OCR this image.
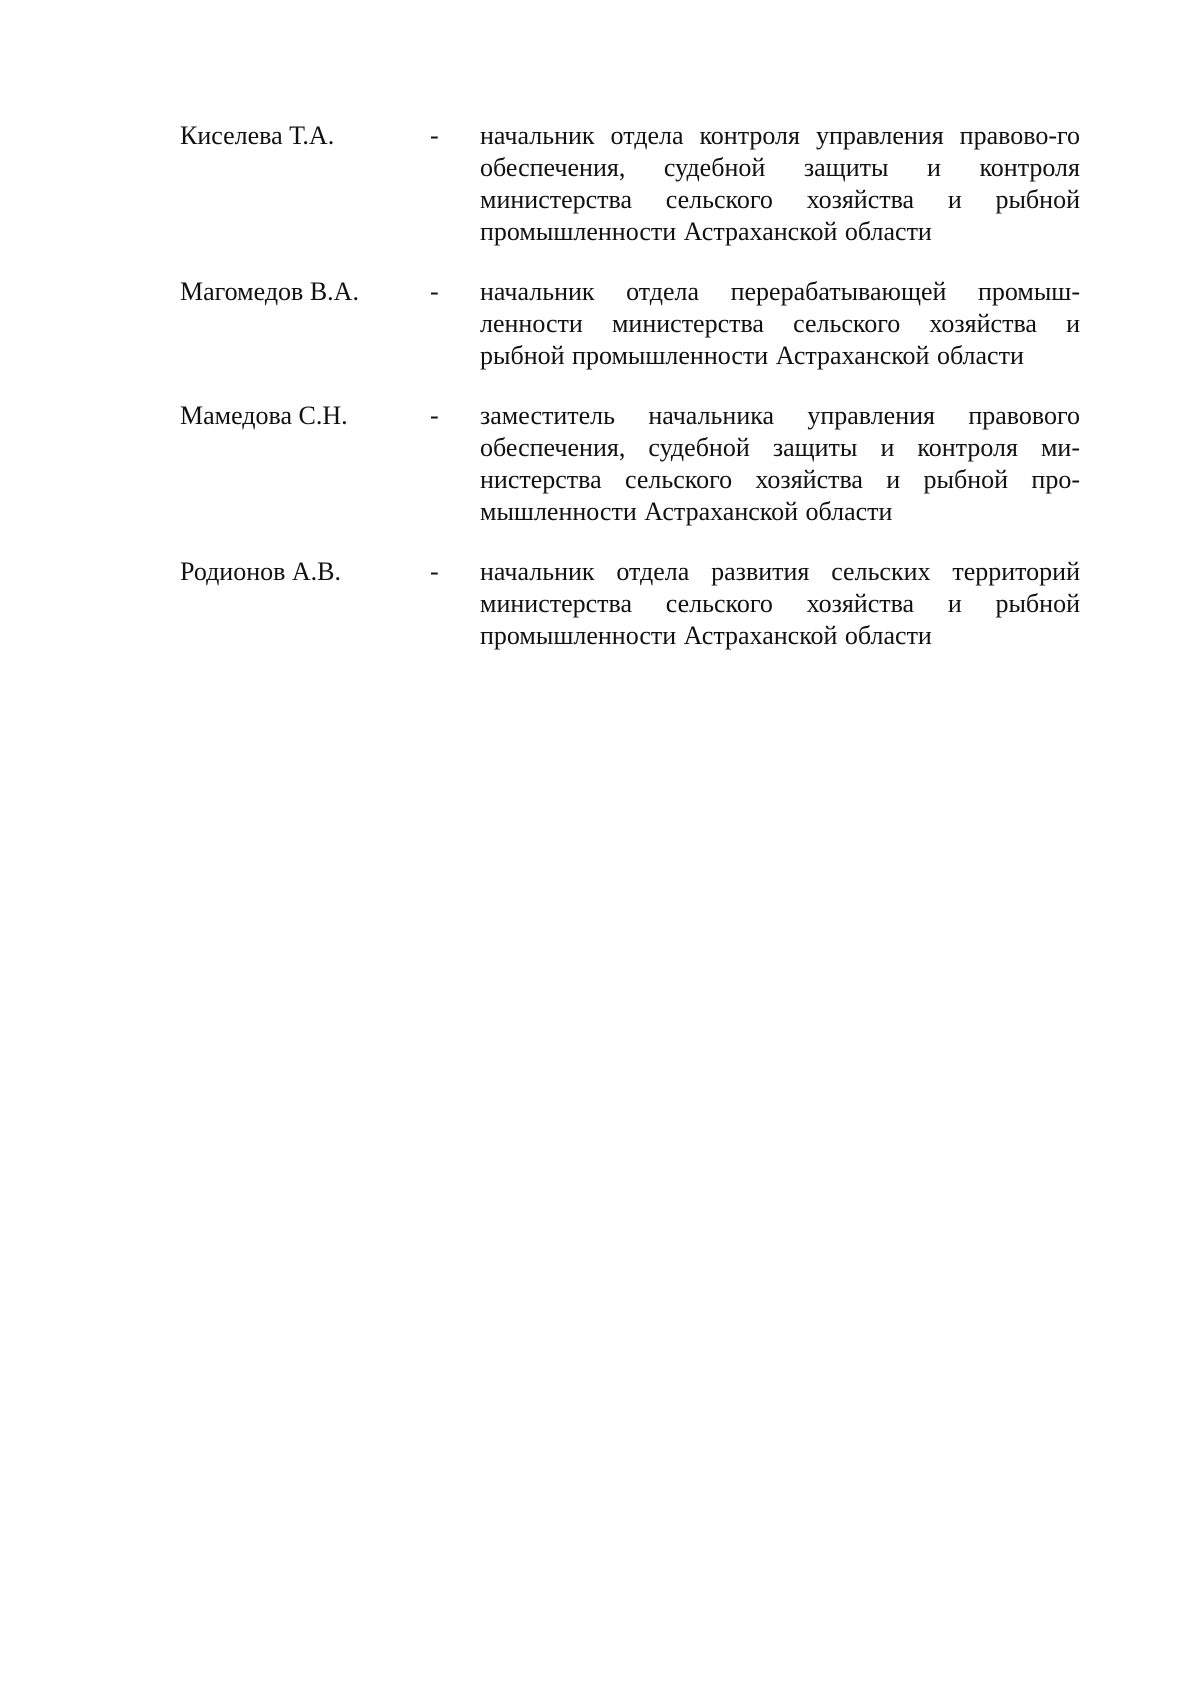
Киселева Т.А.	-	начальник отдела контроля управления правово-го обеспечения, судебной защиты и контроля министерства сельского хозяйства и рыбной промышленности Астраханской области
Магомедов В.А.	-	начальник отдела перерабатывающей промыш-ленности министерства сельского хозяйства и рыбной промышленности Астраханской области
Мамедова С.Н.	-	заместитель начальника управления правового обеспечения, судебной защиты и контроля ми-нистерства сельского хозяйства и рыбной про-мышленности Астраханской области
Родионов А.В.	-	начальник отдела развития сельских территорий министерства сельского хозяйства и рыбной промышленности Астраханской области
